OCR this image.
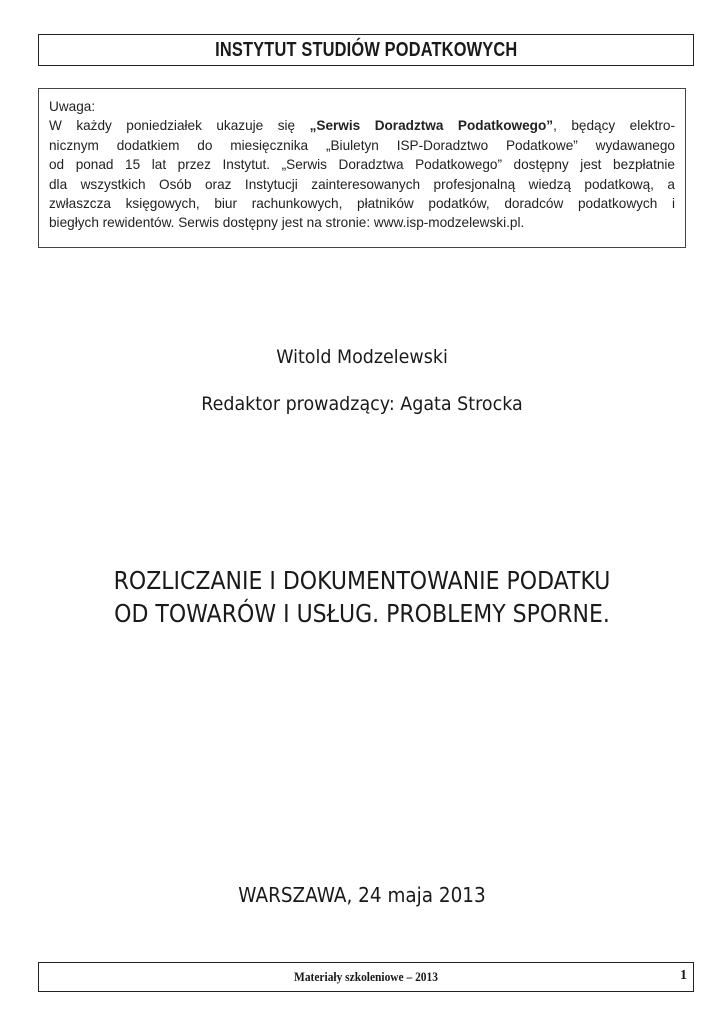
INSTYTUT STUDIÓW PODATKOWYCH
Uwaga:
W każdy poniedziałek ukazuje się „Serwis Doradztwa Podatkowego”, będący elektro-
nicznym dodatkiem do miesięcznika „Biuletyn ISP-Doradztwo Podatkowe” wydawanego
od ponad 15 lat przez Instytut. „Serwis Doradztwa Podatkowego” dostępny jest bezpłatnie
dla wszystkich Osób oraz Instytucji zainteresowanych profesjonalną wiedzą podatkową, a
zwłaszcza księgowych, biur rachunkowych, płatników podatków, doradców podatkowych i
biegłych rewidentów. Serwis dostępny jest na stronie: www.isp-modzelewski.pl.
Witold Modzelewski
Redaktor prowadzący: Agata Strocka
ROZLICZANIE I DOKUMENTOWANIE PODATKU
OD TOWARÓW I USŁUG. PROBLEMY SPORNE.
WARSZAWA, 24 maja 2013
Materiały szkoleniowe – 2013	1
